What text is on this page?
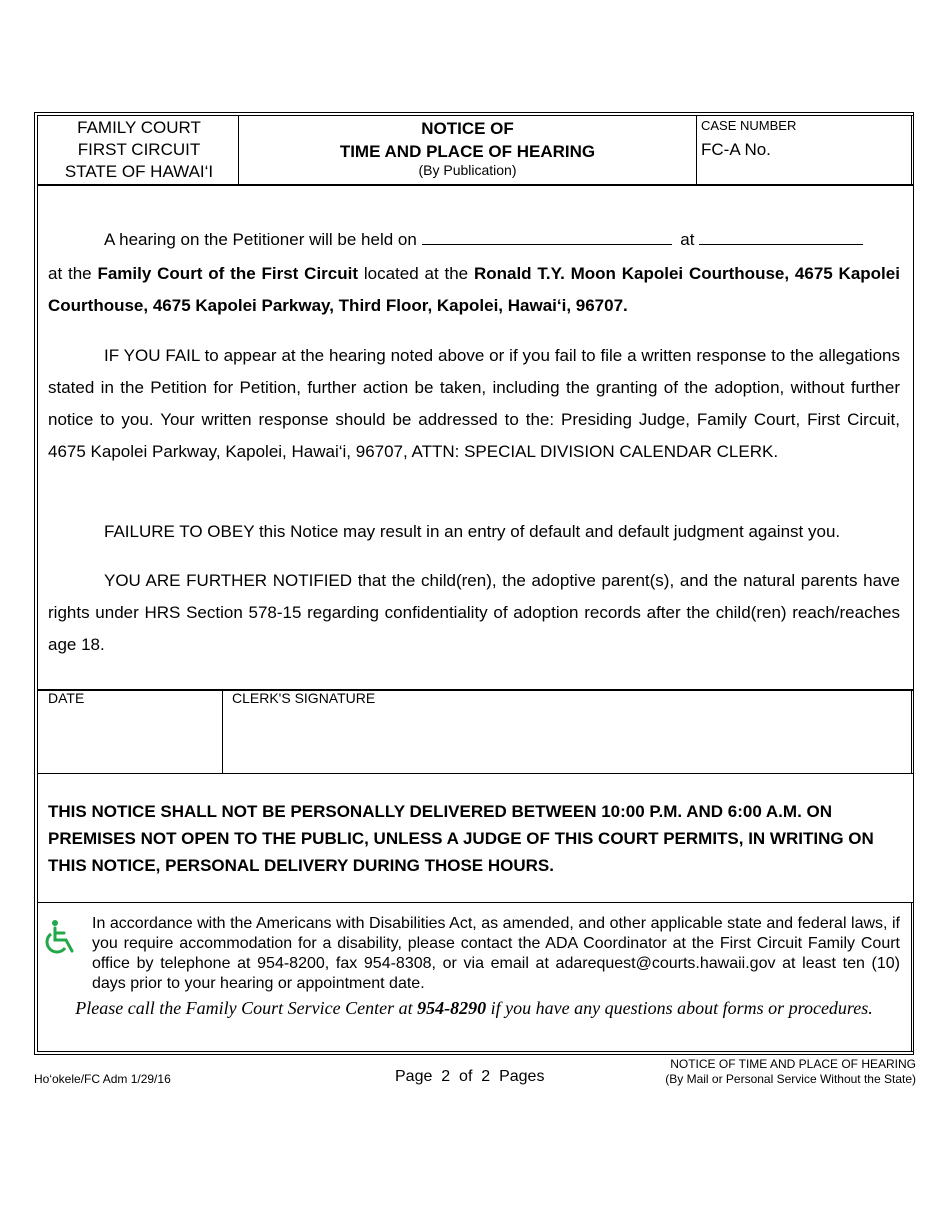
FAMILY COURT
FIRST CIRCUIT
STATE OF HAWAI‘I
NOTICE OF
TIME AND PLACE OF HEARING
(By Publication)
CASE NUMBER
FC-A No.
A hearing on the Petitioner will be held on	at
at the Family Court of the First Circuit located at the Ronald T.Y. Moon Kapolei Courthouse, 4675 Kapolei Courthouse, 4675 Kapolei Parkway, Third Floor, Kapolei, Hawai‘i, 96707.
IF YOU FAIL to appear at the hearing noted above or if you fail to file a written response to the allegations stated in the Petition for Petition, further action be taken, including the granting of the adoption, without further notice to you. Your written response should be addressed to the: Presiding Judge, Family Court, First Circuit, 4675 Kapolei Parkway, Kapolei, Hawai‘i, 96707, ATTN: SPECIAL DIVISION CALENDAR CLERK.
FAILURE TO OBEY this Notice may result in an entry of default and default judgment against you.
YOU ARE FURTHER NOTIFIED that the child(ren), the adoptive parent(s), and the natural parents have rights under HRS Section 578-15 regarding confidentiality of adoption records after the child(ren) reach/reaches age 18.
DATE	CLERK'S SIGNATURE
THIS NOTICE SHALL NOT BE PERSONALLY DELIVERED BETWEEN 10:00 P.M. AND 6:00 A.M. ON PREMISES NOT OPEN TO THE PUBLIC, UNLESS A JUDGE OF THIS COURT PERMITS, IN WRITING ON THIS NOTICE, PERSONAL DELIVERY DURING THOSE HOURS.
In accordance with the Americans with Disabilities Act, as amended, and other applicable state and federal laws, if you require accommodation for a disability, please contact the ADA Coordinator at the First Circuit Family Court office by telephone at 954-8200, fax 954-8308, or via email at adarequest@courts.hawaii.gov at least ten (10) days prior to your hearing or appointment date.
Please call the Family Court Service Center at 954-8290 if you have any questions about forms or procedures.
Ho‘okele/FC Adm 1/29/16	Page  2  of  2  Pages
NOTICE OF TIME AND PLACE OF HEARING
(By Mail or Personal Service Without the State)
